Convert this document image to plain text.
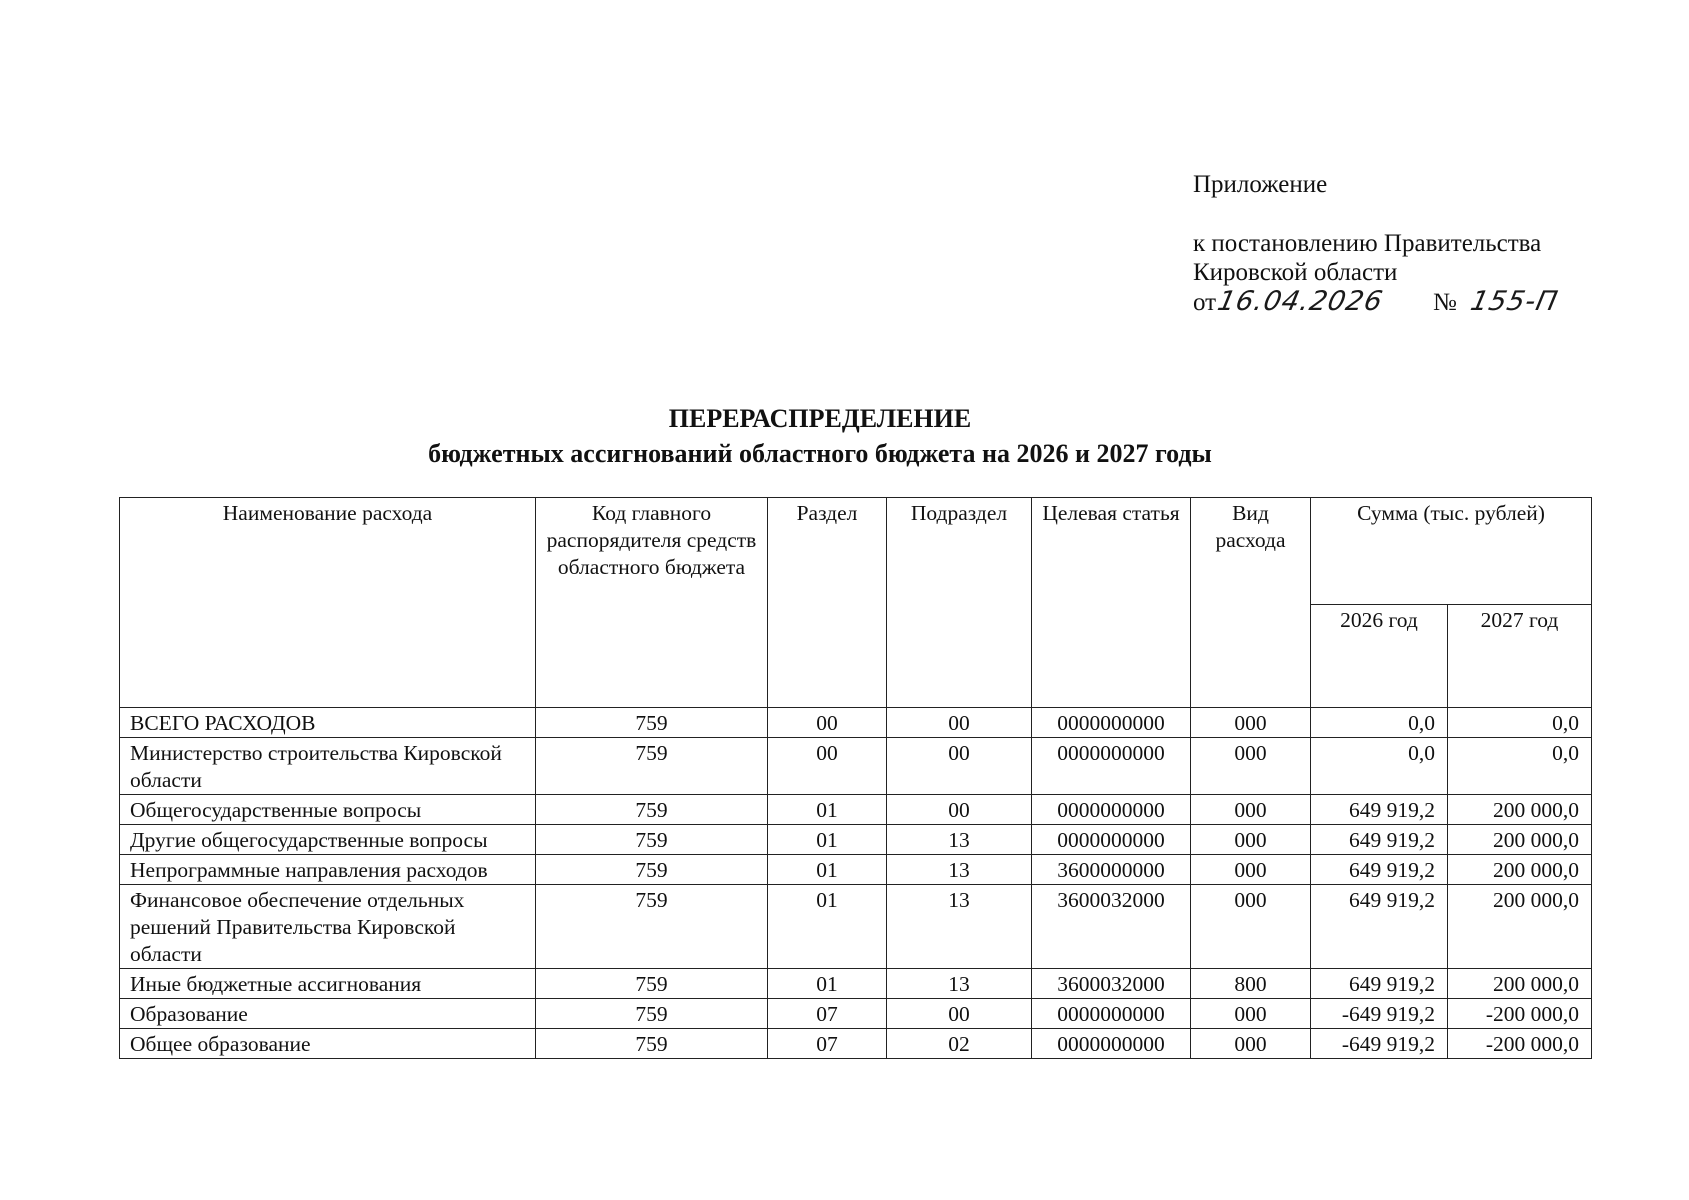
Приложение
к постановлению Правительства
Кировской области
от16.04.2026 № 155-П
ПЕРЕРАСПРЕДЕЛЕНИЕ
бюджетных ассигнований областного бюджета на 2026 и 2027 годы
Наименование расхода	Код главного распорядителя средств областного бюджета	Раздел	Подраздел	Целевая статья	Вид расхода	Сумма (тыс. рублей)	
						2026 год	2027 год
ВСЕГО РАСХОДОВ	759	00	00	0000000000	000	0,0	0,0
Министерство строительства Кировской области	759	00	00	0000000000	000	0,0	0,0
Общегосударственные вопросы	759	01	00	0000000000	000	649 919,2	200 000,0
Другие общегосударственные вопросы	759	01	13	0000000000	000	649 919,2	200 000,0
Непрограммные направления расходов	759	01	13	3600000000	000	649 919,2	200 000,0
Финансовое обеспечение отдельных решений Правительства Кировской области	759	01	13	3600032000	000	649 919,2	200 000,0
Иные бюджетные ассигнования	759	01	13	3600032000	800	649 919,2	200 000,0
Образование	759	07	00	0000000000	000	-649 919,2	-200 000,0
Общее образование	759	07	02	0000000000	000	-649 919,2	-200 000,0
